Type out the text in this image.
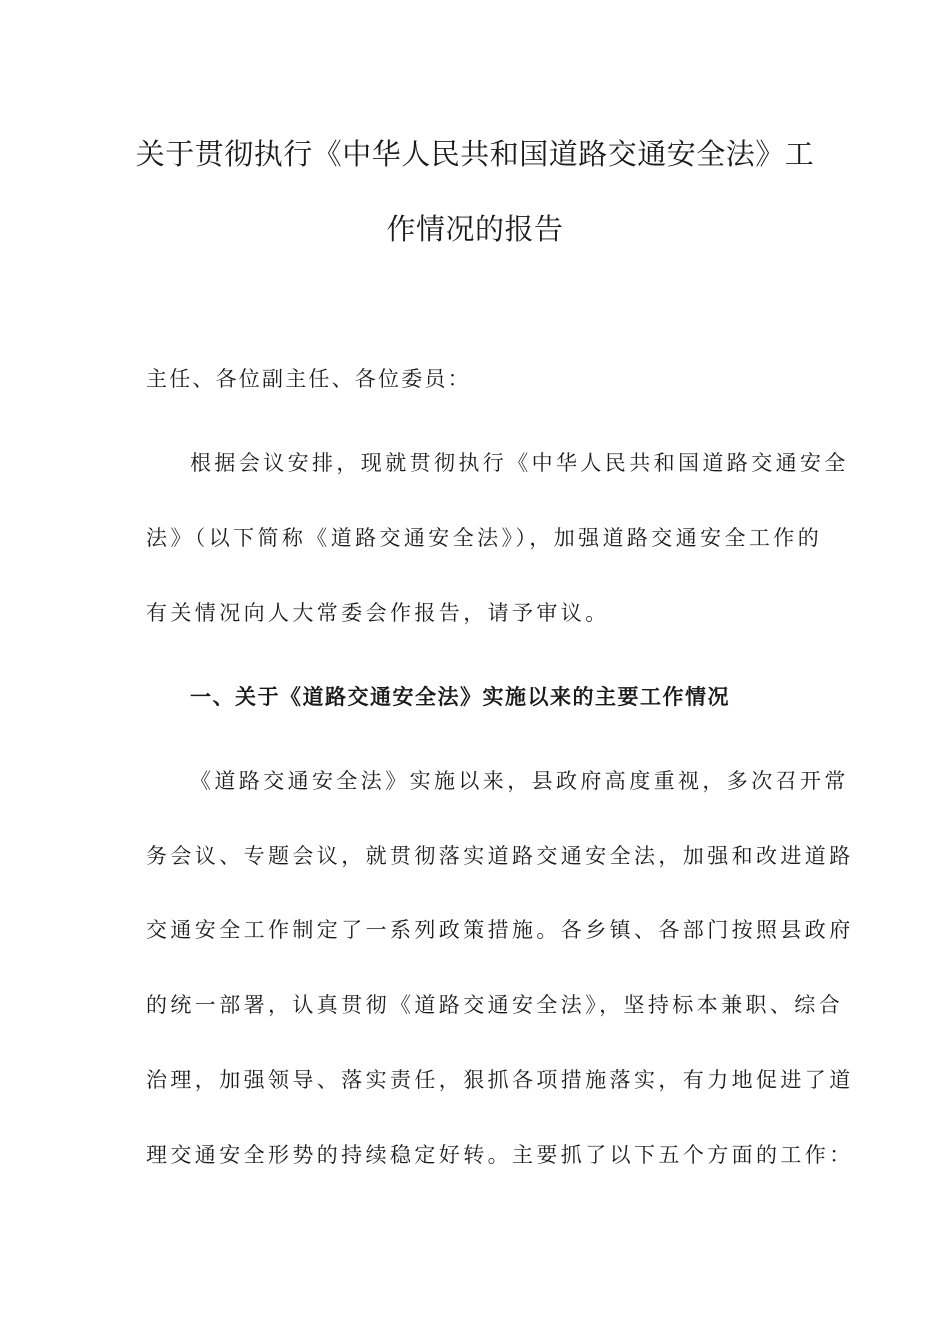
关于贯彻执行《中华人民共和国道路交通安全法》工
作情况的报告
主任、各位副主任、各位委员：
根据会议安排，现就贯彻执行《中华人民共和国道路交通安全
法》（以下简称《道路交通安全法》），加强道路交通安全工作的
有关情况向人大常委会作报告，请予审议。
一、关于《道路交通安全法》实施以来的主要工作情况
《道路交通安全法》实施以来，县政府高度重视，多次召开常
务会议、专题会议，就贯彻落实道路交通安全法，加强和改进道路
交通安全工作制定了一系列政策措施。各乡镇、各部门按照县政府
的统一部署，认真贯彻《道路交通安全法》，坚持标本兼职、综合
治理，加强领导、落实责任，狠抓各项措施落实，有力地促进了道
理交通安全形势的持续稳定好转。主要抓了以下五个方面的工作：
